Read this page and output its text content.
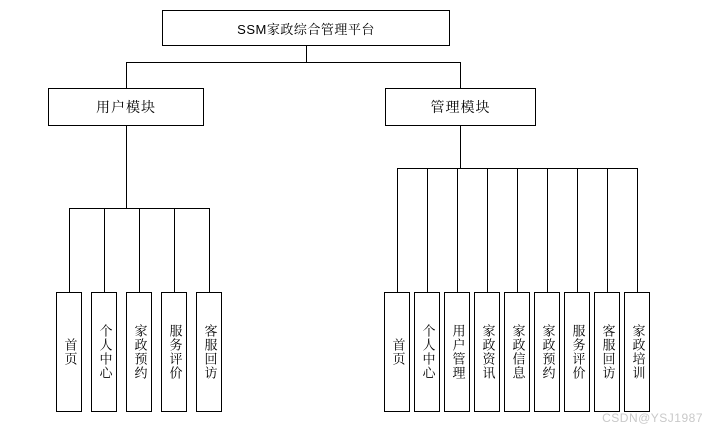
SSM家政综合管理平台
用户模块	管理模块
首页 个人中心 家政预约 服务评价 客服回访	首页 个人中心 用户管理 家政资讯 家政信息 家政预约 服务评价 客服回访 家政培训
CSDN@YSJ1987
